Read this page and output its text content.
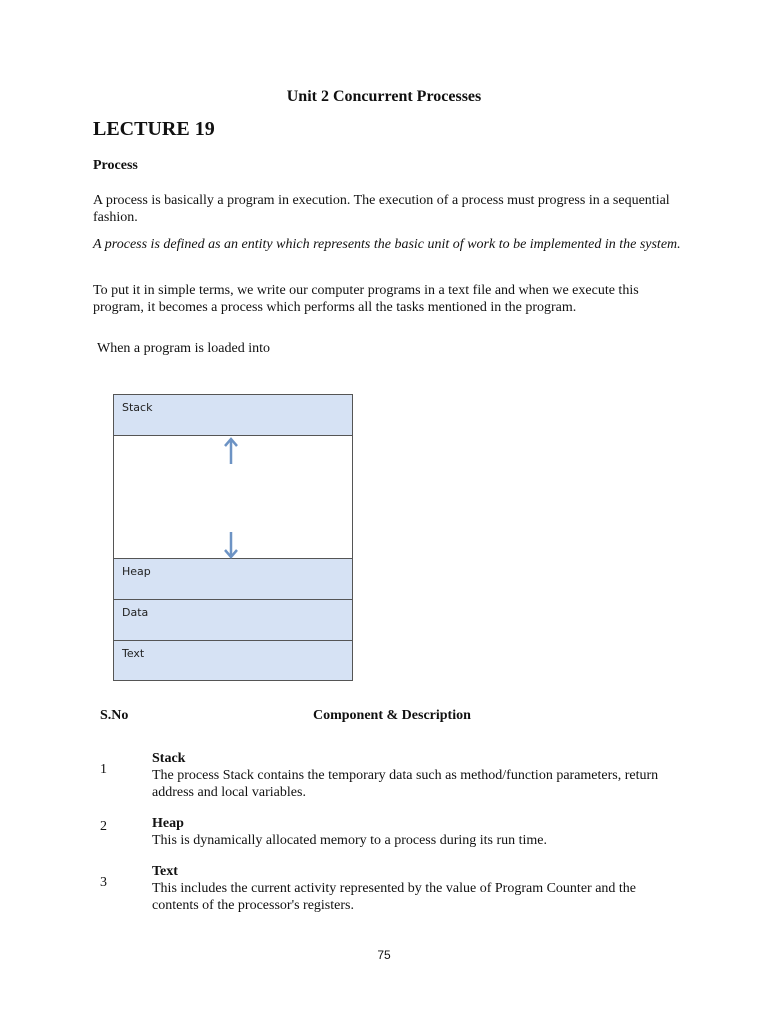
Unit 2 Concurrent Processes
LECTURE 19
Process

A process is basically a program in execution. The execution of a process must progress in a sequential fashion.

A process is defined as an entity which represents the basic unit of work to be implemented in the system.

To put it in simple terms, we write our computer programs in a text file and when we execute this program, it becomes a process which performs all the tasks mentioned in the program.

When a program is loaded into
Stack
Heap
Data
Text
S.No	Component & Description
1
Stack
The process Stack contains the temporary data such as method/function parameters, return address and local variables.
2	Heap
This is dynamically allocated memory to a process during its run time.
3
Text
This includes the current activity represented by the value of Program Counter and the contents of the processor's registers.
75
